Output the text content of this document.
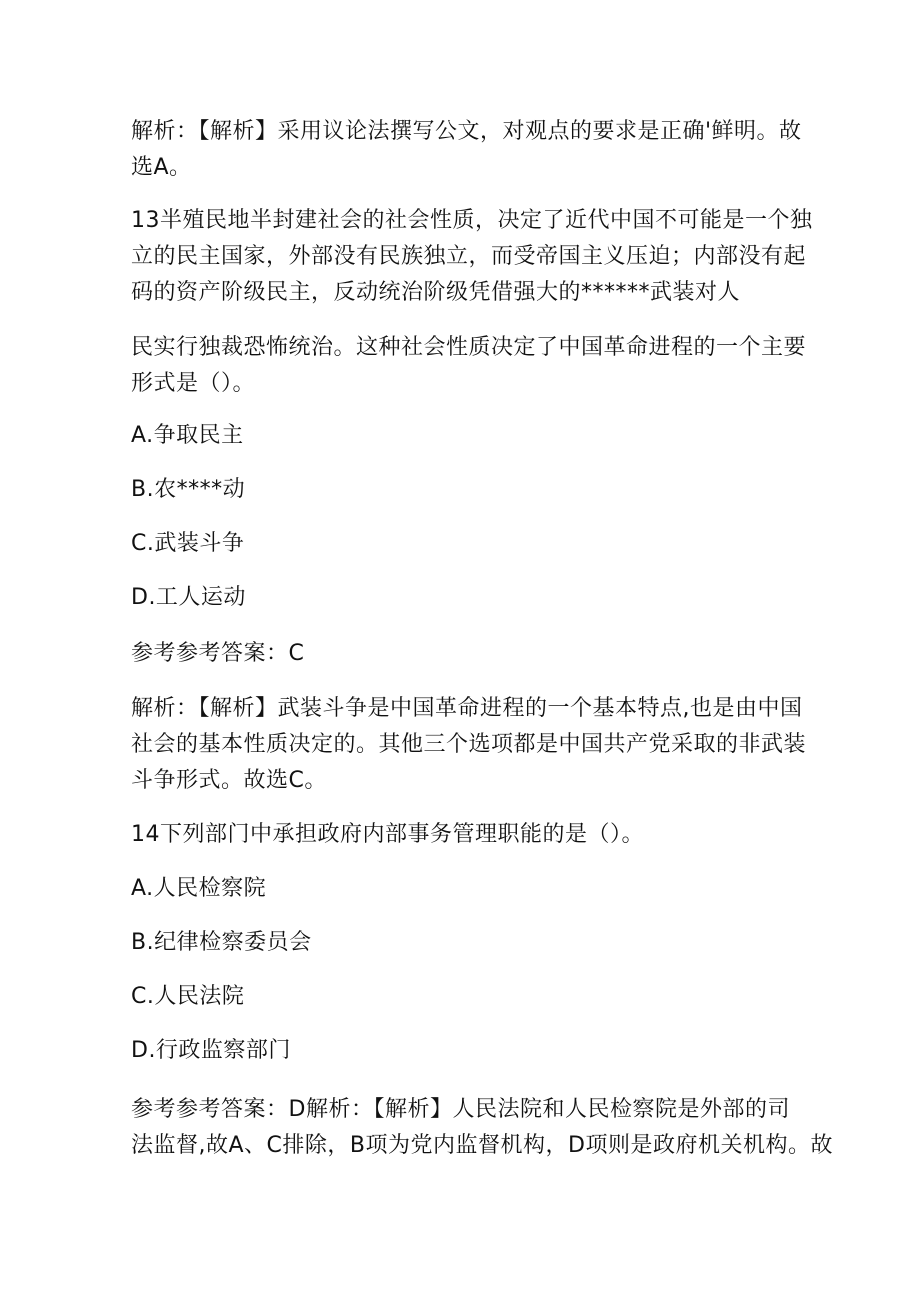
解析：【解析】采用议论法撰写公文，对观点的要求是正确'鲜明。故
选A。

13半殖民地半封建社会的社会性质，决定了近代中国不可能是一个独
立的民主国家，外部没有民族独立，而受帝国主义压迫；内部没有起
码的资产阶级民主，反动统治阶级凭借强大的******武装对人

民实行独裁恐怖统治。这种社会性质决定了中国革命进程的一个主要
形式是（）。

A.争取民主

B.农****动

C.武装斗争

D.工人运动

参考参考答案：C

解析：【解析】武装斗争是中国革命进程的一个基本特点,也是由中国
社会的基本性质决定的。其他三个选项都是中国共产党采取的非武装
斗争形式。故选C。

14下列部门中承担政府内部事务管理职能的是（）。

A.人民检察院

B.纪律检察委员会

C.人民法院

D.行政监察部门

参考参考答案：D解析：【解析】人民法院和人民检察院是外部的司
法监督,故A、C排除，B项为党内监督机构，D项则是政府机关机构。故
